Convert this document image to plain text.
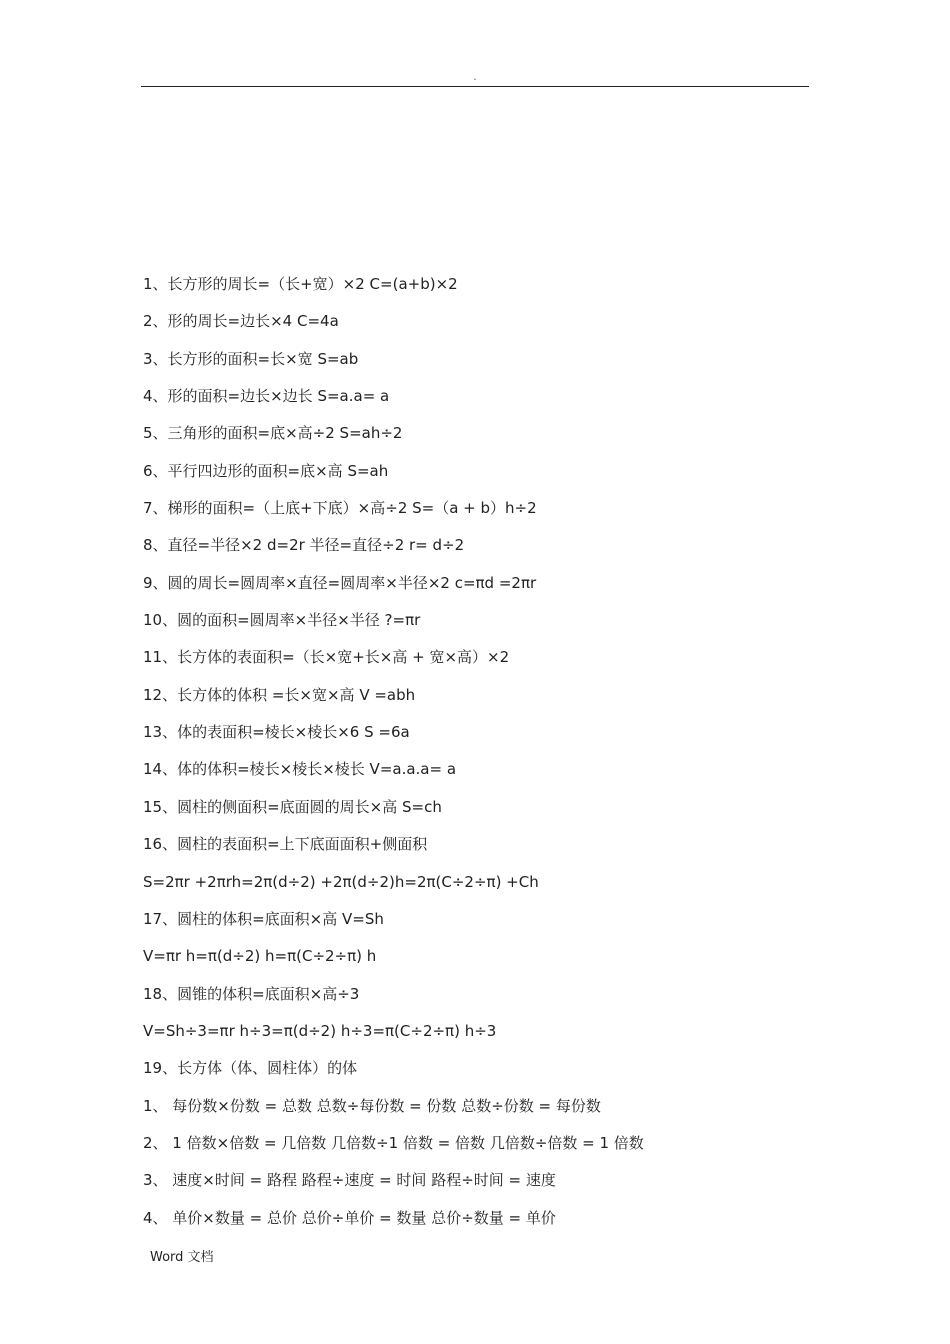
.
1、长方形的周长=（长+宽）×2 C=(a+b)×2
2、形的周长=边长×4 C=4a
3、长方形的面积=长×宽 S=ab
4、形的面积=边长×边长 S=a.a= a
5、三角形的面积=底×高÷2 S=ah÷2
6、平行四边形的面积=底×高 S=ah
7、梯形的面积=（上底+下底）×高÷2 S=（a + b）h÷2
8、直径=半径×2 d=2r 半径=直径÷2 r= d÷2
9、圆的周长=圆周率×直径=圆周率×半径×2 c=πd =2πr
10、圆的面积=圆周率×半径×半径 ?=πr
11、长方体的表面积=（长×宽+长×高 + 宽×高）×2
12、长方体的体积 =长×宽×高 V =abh
13、体的表面积=棱长×棱长×6 S =6a
14、体的体积=棱长×棱长×棱长 V=a.a.a= a
15、圆柱的侧面积=底面圆的周长×高 S=ch
16、圆柱的表面积=上下底面面积+侧面积
S=2πr +2πrh=2π(d÷2) +2π(d÷2)h=2π(C÷2÷π) +Ch
17、圆柱的体积=底面积×高 V=Sh
V=πr h=π(d÷2) h=π(C÷2÷π) h
18、圆锥的体积=底面积×高÷3
V=Sh÷3=πr h÷3=π(d÷2) h÷3=π(C÷2÷π) h÷3
19、长方体（体、圆柱体）的体
1、 每份数×份数 = 总数 总数÷每份数 = 份数 总数÷份数 = 每份数
2、 1 倍数×倍数 = 几倍数 几倍数÷1 倍数 = 倍数 几倍数÷倍数 = 1 倍数
3、 速度×时间 = 路程 路程÷速度 = 时间 路程÷时间 = 速度
4、 单价×数量 = 总价 总价÷单价 = 数量 总价÷数量 = 单价
Word 文档
